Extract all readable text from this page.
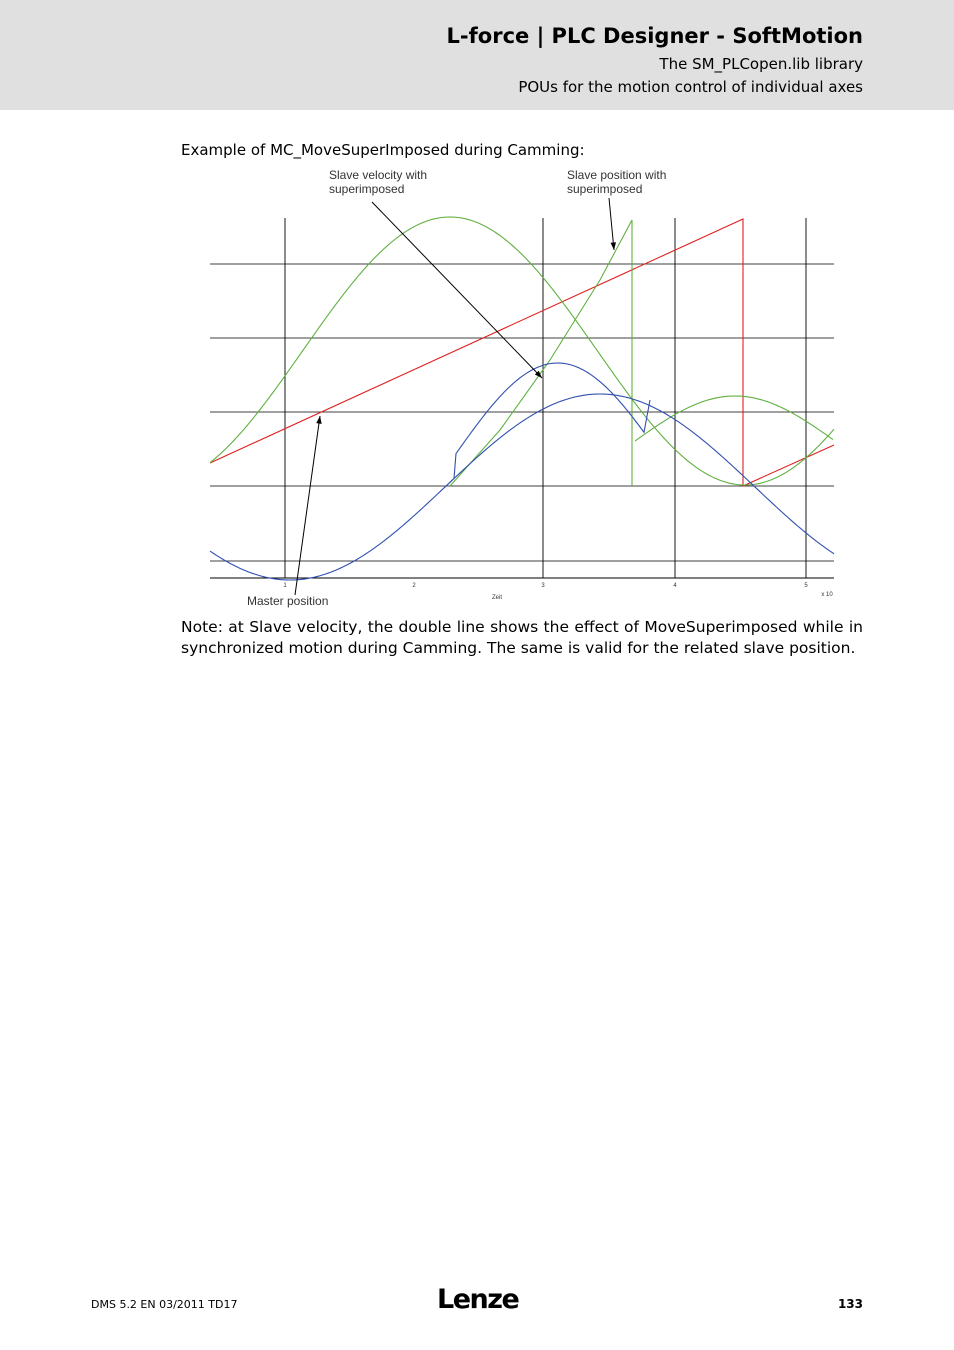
L-force | PLC Designer - SoftMotion
The SM_PLCopen.lib library
POUs for the motion control of individual axes
Example of MC_MoveSuperImposed during Camming:
Slave velocity with
superimposed
Slave position with
superimposed
Master position
1	2	3	4	5
Zeit	x 10
Note: at Slave velocity, the double line shows the effect of MoveSuperimposed while in synchronized motion during Camming. The same is valid for the related slave position.
DMS 5.2 EN 03/2011 TD17	Lenze	133
